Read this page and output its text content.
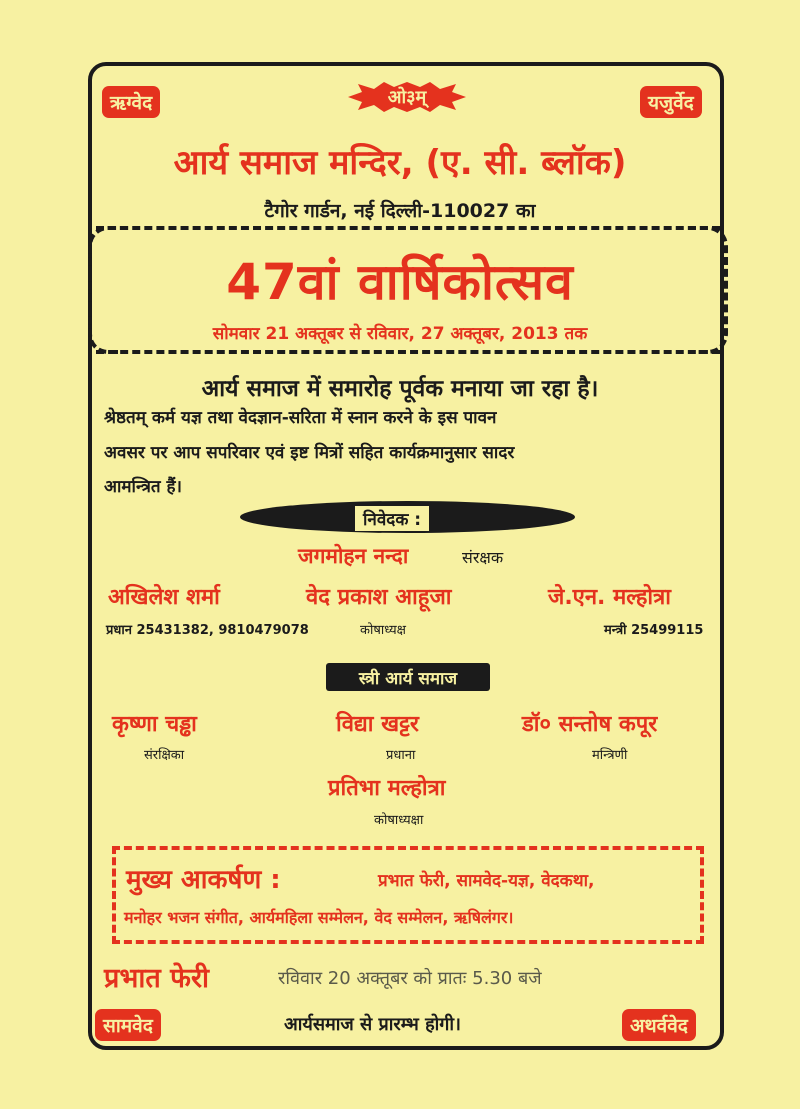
ऋग्वेद	यजुर्वेद
सामवेद	अथर्ववेद
ओ३म्
आर्य समाज मन्दिर, (ए. सी. ब्लॉक)
टैगोर गार्डन, नई दिल्ली-110027 का
47वां वार्षिकोत्सव
सोमवार 21 अक्तूबर से रविवार, 27 अक्तूबर, 2013 तक
आर्य समाज में समारोह पूर्वक मनाया जा रहा है।
श्रेष्ठतम् कर्म यज्ञ तथा वेदज्ञान-सरिता में स्नान करने के इस पावन
अवसर पर आप सपरिवार एवं इष्ट मित्रों सहित कार्यक्रमानुसार सादर
आमन्त्रित हैं।
निवेदक :
जगमोहन नन्दा	संरक्षक
अखिलेश शर्मा	वेद प्रकाश आहूजा	जे.एन. मल्होत्रा
प्रधान 25431382, 9810479078	कोषाध्यक्ष	मन्त्री 25499115
स्त्री आर्य समाज
कृष्णा चड्ढा	विद्या खट्टर	डॉ० सन्तोष कपूर
संरक्षिका	प्रधाना	मन्त्रिणी
प्रतिभा मल्होत्रा
कोषाध्यक्षा
मुख्य आकर्षण :	प्रभात फेरी, सामवेद-यज्ञ, वेदकथा,
मनोहर भजन संगीत, आर्यमहिला सम्मेलन, वेद सम्मेलन, ऋषिलंगर।
प्रभात फेरी	रविवार 20 अक्तूबर को प्रातः 5.30 बजे
आर्यसमाज से प्रारम्भ होगी।
